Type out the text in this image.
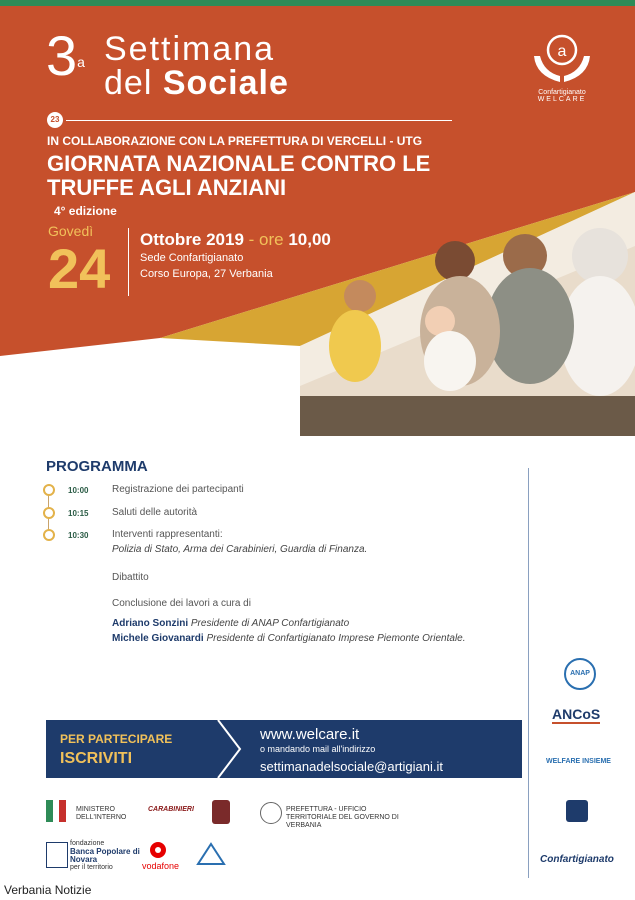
3$^a$ Settimana
del Sociale
23
a
Confartigianato
WELCARE
IN COLLABORAZIONE CON LA PREFETTURA DI VERCELLI - UTG
GIORNATA NAZIONALE CONTRO LE TRUFFE AGLI ANZIANI
4° edizione
Govedì
24 Ottobre 2019 - ore 10,00
Sede Confartigianato
Corso Europa, 27 Verbania
PROGRAMMA
10:00 Registrazione dei partecipanti
10:15 Saluti delle autorità
10:30 Interventi rappresentanti:
Polizia di Stato, Arma dei Carabinieri, Guardia di Finanza.
Dibattito
Conclusione dei lavori a cura di
Adriano Sonzini Presidente di ANAP Confartigianato
Michele Giovanardi Presidente di Confartigianato Imprese Piemonte Orientale.
ANAP
ANCoS
WELFARE INSIEME
Confartigianato
PER PARTECIPARE
ISCRIVITI
www.welcare.it
o mandando mail all'indirizzo
settimanadelsociale@artigiani.it
MINISTERO DELL'INTERNO
CARABINIERI	PREFETTURA - UFFICIO TERRITORIALE DEL GOVERNO DI VERBANIA
fondazione
Banca Popolare di Novara
per il territorio	vodafone
Verbania Notizie
